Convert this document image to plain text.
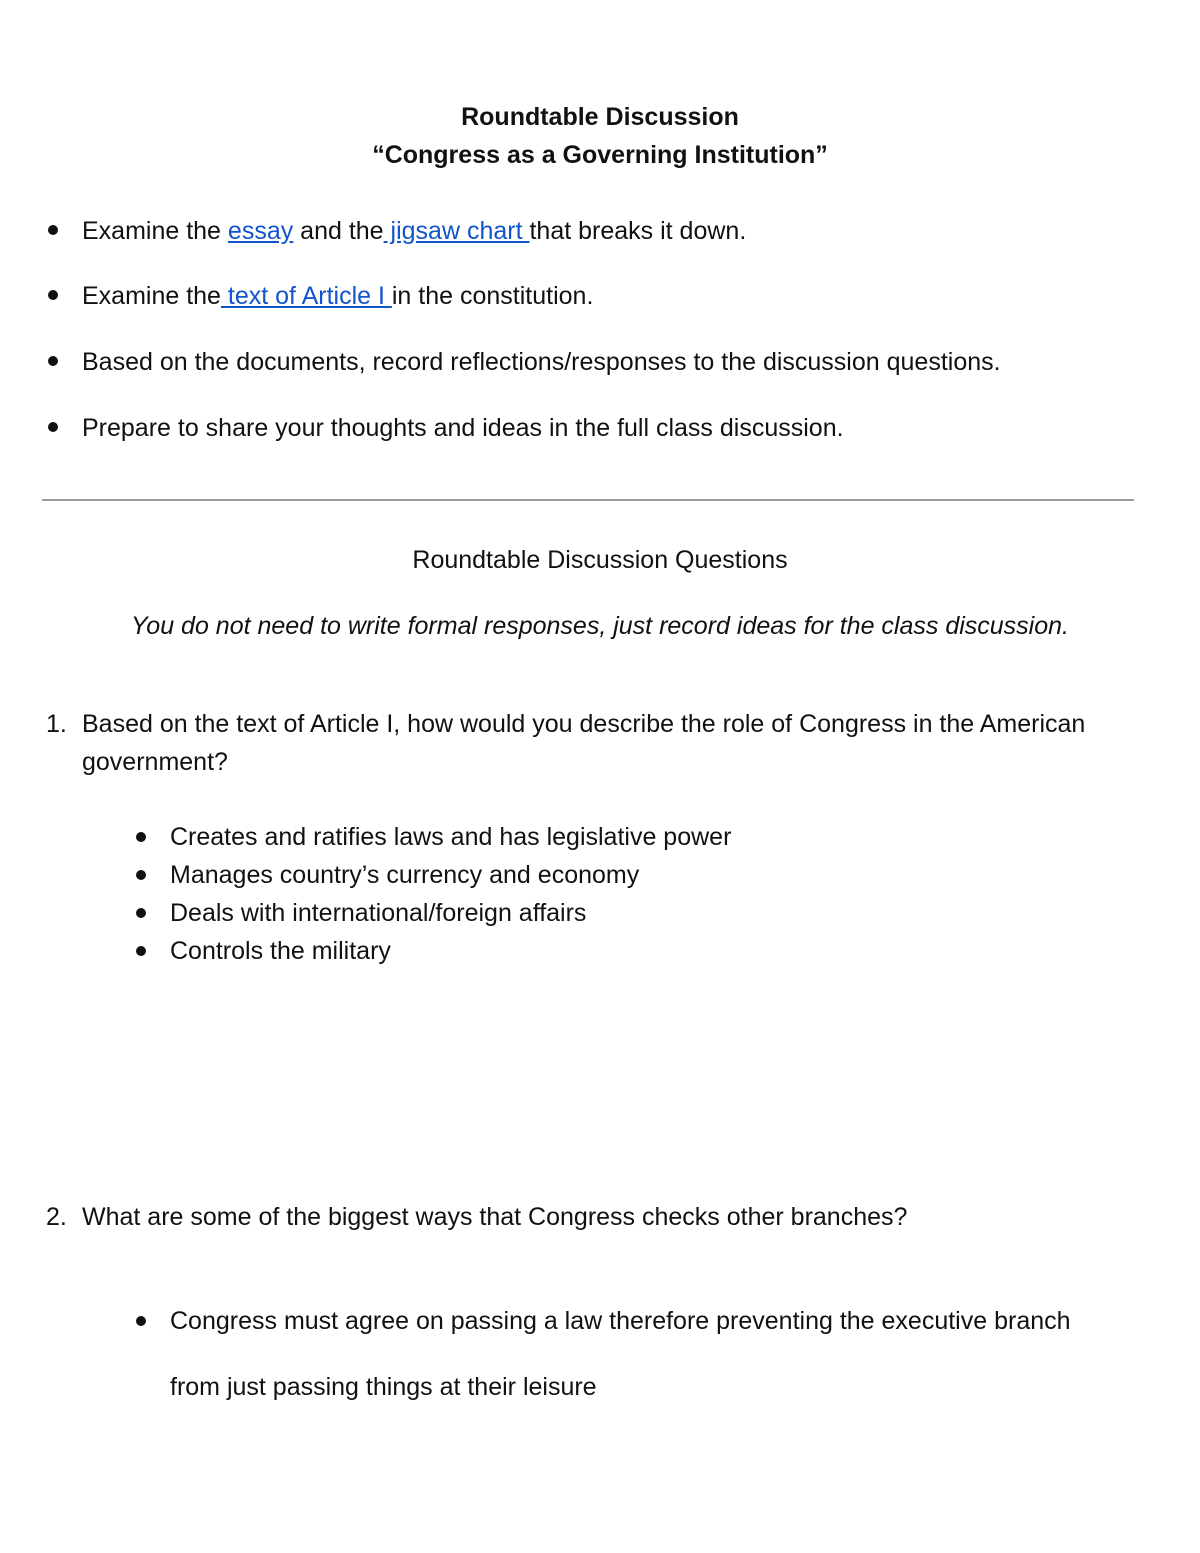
Roundtable Discussion
“Congress as a Governing Institution”
Examine the essay and the jigsaw chart that breaks it down.
Examine the text of Article I in the constitution.
Based on the documents, record reflections/responses to the discussion questions.
Prepare to share your thoughts and ideas in the full class discussion.
Roundtable Discussion Questions
You do not need to write formal responses, just record ideas for the class discussion.
1. Based on the text of Article I, how would you describe the role of Congress in the American government?
Creates and ratifies laws and has legislative power
Manages country’s currency and economy
Deals with international/foreign affairs
Controls the military
2. What are some of the biggest ways that Congress checks other branches?
Congress must agree on passing a law therefore preventing the executive branch from just passing things at their leisure
